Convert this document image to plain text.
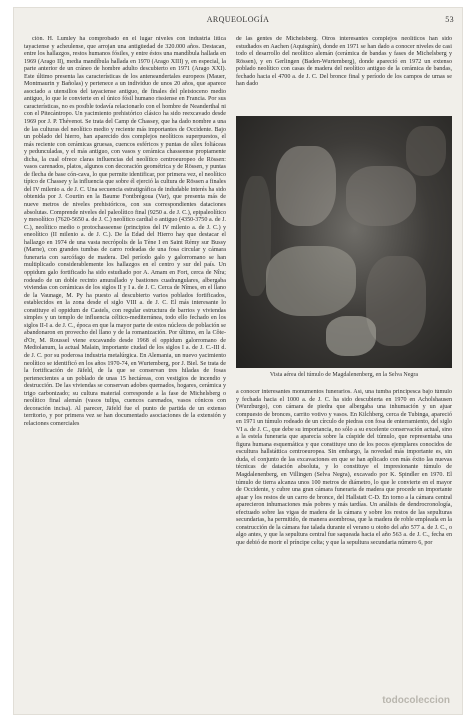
ARQUEOLOGÍA	53

ción. H. Lumley ha comprobado en el lugar niveles con industria lítica tayaciense y acheulense, que arrojan una antigüedad de 320.000 años. Destacan, entre los hallazgos, restos humanos fósiles, y entre éstos una mandíbula hallada en 1969 (Arago II), media mandíbula hallada en 1970 (Arago XIII) y, en especial, la parte anterior de un cráneo de hombre adulto descubierto en 1971 (Arago XXI). Este último presenta las características de los anteneandertales europeos (Mauer, Montmaurin y Bañolas) y pertenece a un individuo de unos 20 años, que aparece asociado a utensilios del tayaciense antiguo, de finales del pleistoceno medio antiguo, lo que le convierte en el único fósil humano rissiense en Francia. Por sus características, no es posible todavía relacionarlo con el hombre de Neanderthal ni con el Pitecántropo. Un yacimiento prehistórico clásico ha sido reexcavado desde 1969 por J. P. Thévenot. Se trata del Camp de Chassey, que ha dado nombre a una de las culturas del neolítico medio y reciente más importantes de Occidente. Bajo un poblado del hierro, han aparecido dos complejos neolíticos superpuestos, el más reciente con cerámicas gruesas, cuencos esféricos y puntas de sílex foliáceas y pedunculadas, y el más antiguo, con vasos y cerámica chasseense propiamente dicha, la cual ofrece claras influencias del neolítico centroeuropeo de Rössen: vasos carenados, platos, algunos con decoración geométrica y de Rössen, y puntas de flecha de base cón-cava, lo que permite identificar, por primera vez, el neolítico típico de Chassey y la influencia que sobre él ejerció la cultura de Rössen a finales del IV milenio a. de J. C. Una secuencia estratigráfica de indudable interés ha sido obtenida por J. Courtin en la Baume Fontbrégoua (Var), que presenta más de nueve metros de niveles prehistóricos, con sus correspondientes dataciones absolutas. Comprende niveles del paleolítico final (9250 a. de J. C.), epipaleolítico y mesolítico (7620-5650 a. de J. C.) neolítico cardial o antiguo (4350-3750 a. de J. C.), neolítico medio o protochasseense (principios del IV milenio a. de J. C.) y eneolítico (II milenio a. de J. C.). De la Edad del Hierro hay que destacar el hallazgo en 1974 de una vasta necrópolis de la Tène I en Saint Rémy sur Bussy (Marne), con grandes tumbas de carro rodeadas de una fosa circular y cámara funeraria con sarcófago de madera. Del período galo y galorromano se han multiplicado considerablemente los hallazgos en el centro y sur del país. Un oppidum galo fortificado ha sido estudiado por A. Amam en Fort, cerca de Nîra; rodeado de un doble recinto amurallado y bastiones cuadrangulares, albergaba viviendas con cerámicas de los siglos II y I a. de J. C. Cerca de Nîmes, en el llano de la Vaunage, M. Py ha puesto al descubierto varios poblados fortificados, establecidos en la zona desde el siglo VIII a. de J. C. El más interesante lo constituye el oppidum de Castels, con regular estructura de barrios y viviendas simples y un templo de influencia céltico-mediterránea, todo ello fechado en los siglos II-I a. de J. C., época en que la mayor parte de estos núcleos de población se abandonaron en provecho del llano y de la romanización. Por último, en la Côte-d'Or, M. Roussel viene excavando desde 1968 el oppidum galorromano de Mediolanum, la actual Malain, importante ciudad de los siglos I a. de J. C.-III d. de J. C. por su poderosa industria metalúrgica. En Alemania, un nuevo yacimiento neolítico se identificó en los años 1970-74, en Wurtemberg, por J. Biel. Se trata de la fortificación de Jäfeld, de la que se conservan tres hiladas de fosas pertenecientes a un poblado de unas 15 hectáreas, con vestigios de incendio y destrucción. De las viviendas se conservan adobes quemados, hogares, cerámica y trigo carbonizado; su cultura material corresponde a la fase de Michelsberg o neolítico final alemán (vasos tulipa, cuencos carenados, vasos cónicos con decoración incisa). Al parecer, Jäfeld fue el punto de partida de un extenso territorio, y por primera vez se han documentado asociaciones de la extensión y relaciones comerciales

de las gentes de Michelsberg. Otros interesantes complejos neolíticos han sido estudiados en Aachen (Aquisgrán), donde en 1971 se han dado a conocer niveles de casi todo el desarrollo del neolítico alemán (cerámica de bandas y fases de Michelsberg y Rössen), y en Gerlingen (Baden-Wurtemberg), donde apareció en 1972 un extenso poblado neolítico con casas de madera del neolítico antiguo de la cerámica de bandas, fechado hacia el 4700 a. de J. C. Del bronce final y período de los campos de urnas se han dado

Vista aérea del túmulo de Magdalenenberg, en la Selva Negra

a conocer interesantes monumentos funerarios. Así, una tumba principesca bajo túmulo y fechada hacia el 1000 a. de J. C. ha sido descubierta en 1970 en Acholshausen (Wurzburgo), con cámara de piedra que albergaba una inhumación y un ajuar compuesto de bronces, carrito votivo y vasos. En Kilchberg, cerca de Tubinga, apareció en 1971 un túmulo rodeado de un círculo de piedras con fosa de enterramiento, del siglo VI a. de J. C., que debe su importancia, no sólo a su excelente conservación actual, sino a la estela funeraria que aparecía sobre la cúspide del túmulo, que representaba una figura humana esquemática y que constituye uno de los pocos ejemplares conocidos de escultura hallstáttica centroeuropea. Sin embargo, la novedad más importante es, sin duda, el conjunto de las excavaciones en que se han aplicado con más éxito las nuevas técnicas de datación absoluta, y lo constituye el impresionante túmulo de Magdalenenberg, en Villingen (Selva Negra), excavado por K. Spindler en 1970. El túmulo de tierra alcanza unos 100 metros de diámetro, lo que le convierte en el mayor de Occidente, y cubre una gran cámara funeraria de madera que procede un importante ajuar y los restos de un carro de bronce, del Hallstatt C-D. En torno a la cámara central aparecieron inhumaciones más pobres y más tardías. Un análisis de dendrocronología, efectuado sobre las vigas de madera de la cámara y sobre los restos de las sepulturas secundarias, ha permitido, de manera asombrosa, que la madera de roble empleada en la construcción de la cámara fue talada durante el verano u otoño del año 577 a. de J. C., o algo antes, y que la sepultura central fue saqueada hacia el año 563 a. de J. C., fecha en que debió de morir el príncipe celta; y que la sepultura secundaria número 6, por

todocoleccion
